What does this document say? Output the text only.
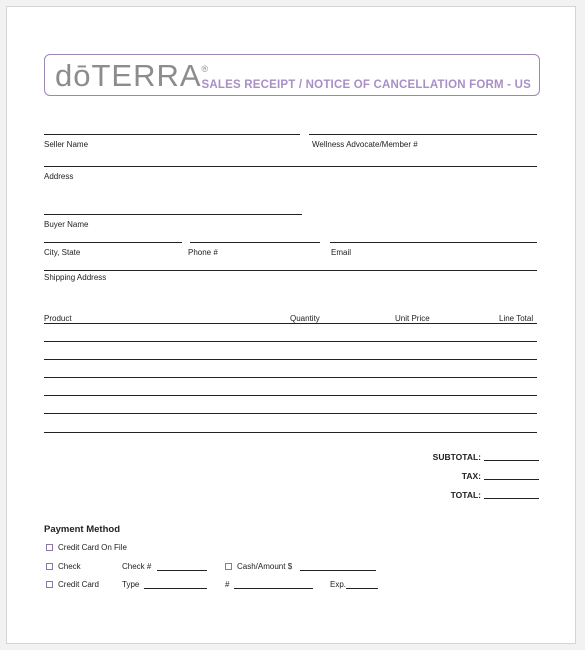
dōTERRA®
SALES RECEIPT / NOTICE OF CANCELLATION FORM - US
Seller Name	Wellness Advocate/Member #
Address
Buyer Name
City, State	Phone #	Email
Shipping Address
Product	Quantity	Unit Price	Line Total
SUBTOTAL:
TAX:
TOTAL:
Payment Method
Credit Card On File
Check	Check #	Cash/Amount $
Credit Card	Type	#	Exp.
